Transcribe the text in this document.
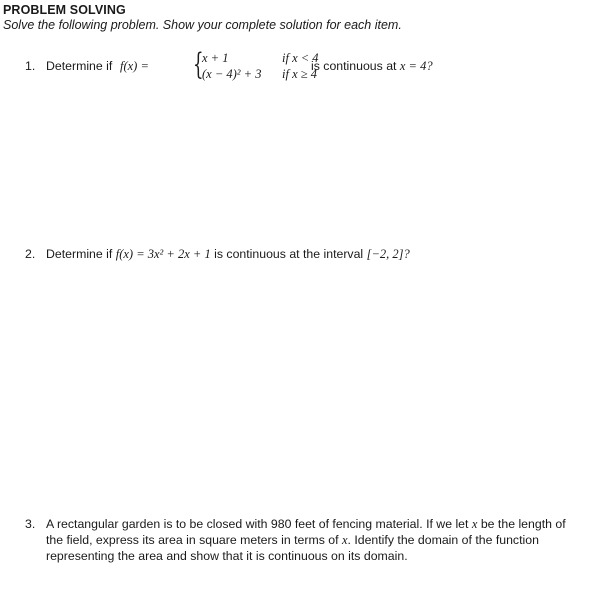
PROBLEM SOLVING
Solve the following problem. Show your complete solution for each item.
1. Determine if f(x) = {
x + 1	if x < 4
(x − 4)² + 3 if x ≥ 4
is continuous at x = 4?
2. Determine if f(x) = 3x² + 2x + 1 is continuous at the interval [−2, 2]?
3. A rectangular garden is to be closed with 980 feet of fencing material. If we let x be the length of the field, express its area in square meters in terms of x. Identify the domain of the function representing the area and show that it is continuous on its domain.
